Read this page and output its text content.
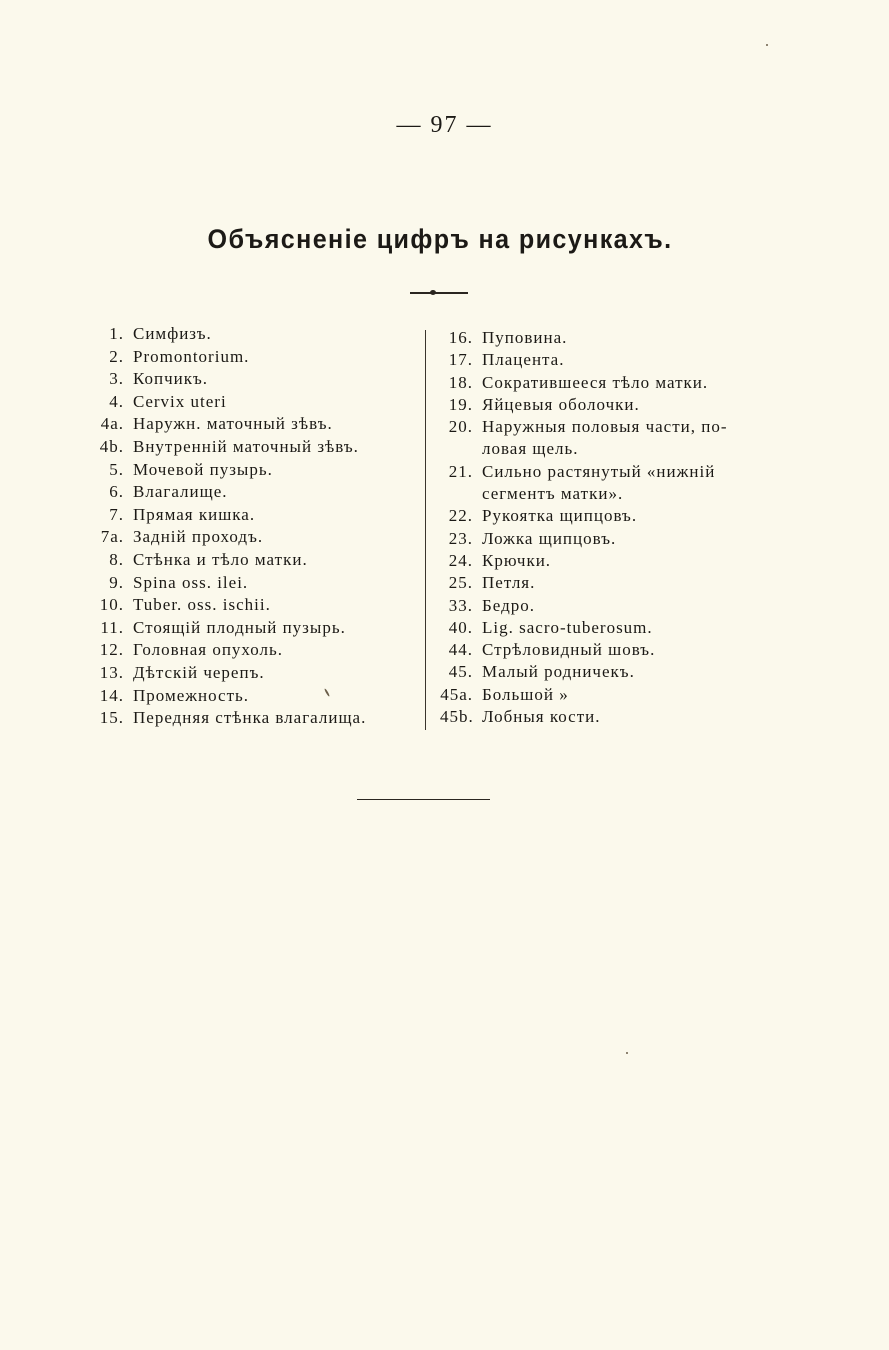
— 97 —
Объясненіе цифръ на рисункахъ.
1. Симфизъ.
2. Promontorium.
3. Копчикъ.
4. Cervix uteri
4a. Наружн. маточный зѣвъ.
4b. Внутренній маточный зѣвъ.
5. Мочевой пузырь.
6. Влагалище.
7. Прямая кишка.
7a. Задній проходъ.
8. Стѣнка и тѣло матки.
9. Spina oss. ilei.
10. Tuber. oss. ischii.
11. Стоящій плодный пузырь.
12. Головная опухоль.
13. Дѣтскій черепъ.
14. Промежность.
15. Передняя стѣнка влагалища.
16. Пуповина.
17. Плацента.
18. Сократившееся тѣло матки.
19. Яйцевыя оболочки.
20. Наружныя половыя части, по-
ловая щель.
21. Сильно растянутый «нижній
сегментъ матки».
22. Рукоятка щипцовъ.
23. Ложка щипцовъ.
24. Крючки.
25. Петля.
33. Бедро.
40. Lig. sacro-tuberosum.
44. Стрѣловидный шовъ.
45. Малый родничекъ.
45a. Большой »
45b. Лобныя кости.
